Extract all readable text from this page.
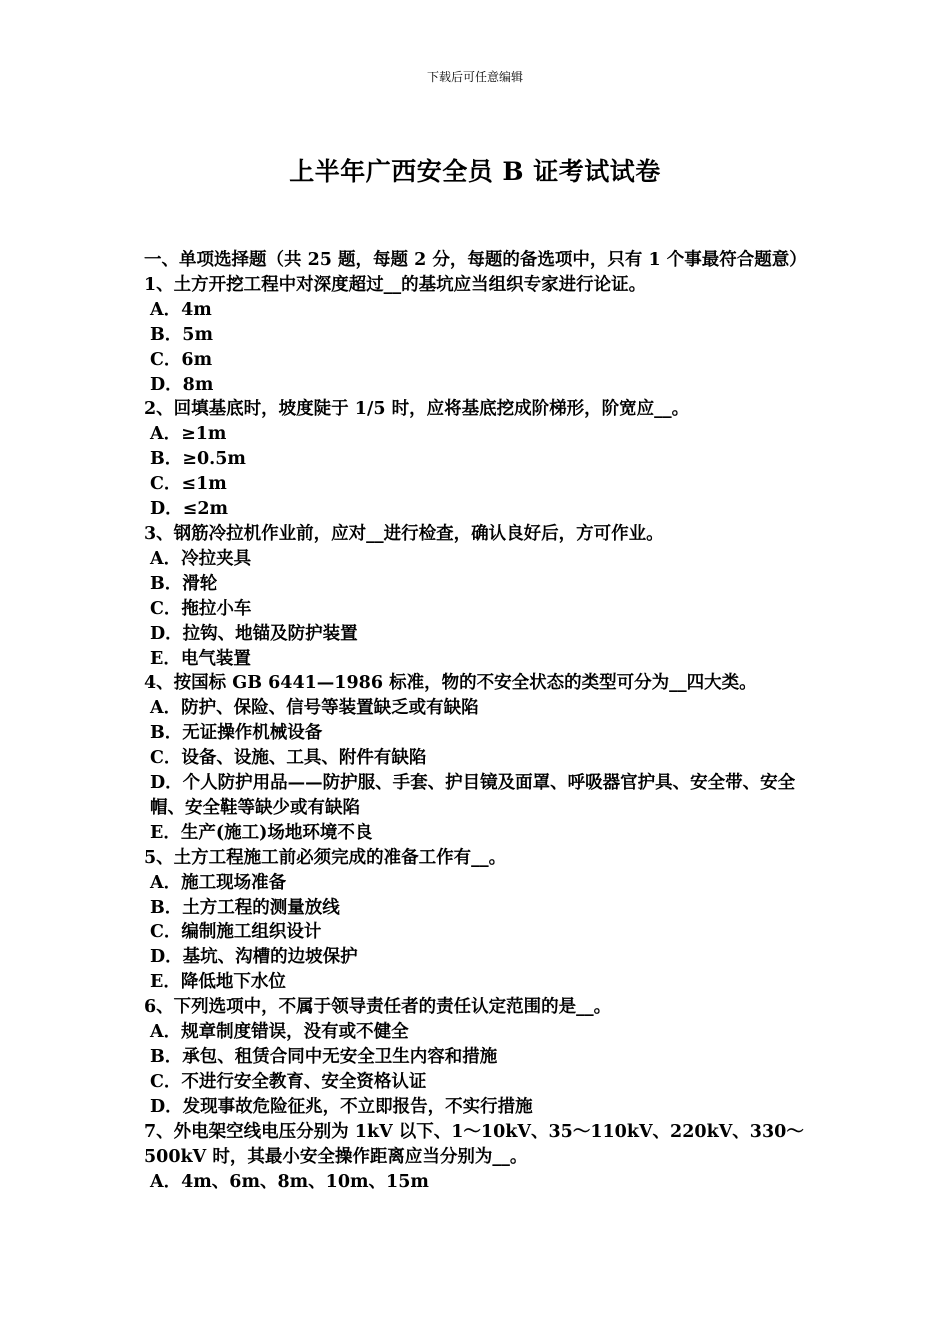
下载后可任意编辑
上半年广西安全员 B 证考试试卷
一、单项选择题（共 25 题，每题 2 分，每题的备选项中，只有 1 个事最符合题意）
1、土方开挖工程中对深度超过__的基坑应当组织专家进行论证。
A．4m
B．5m
C．6m
D．8m
2、回填基底时，坡度陡于 1/5 时，应将基底挖成阶梯形，阶宽应__。
A．≥1m
B．≥0.5m
C．≤1m
D．≤2m
3、钢筋冷拉机作业前，应对__进行检查，确认良好后，方可作业。
A．冷拉夹具
B．滑轮
C．拖拉小车
D．拉钩、地锚及防护装置
E．电气装置
4、按国标 GB 6441—1986 标准，物的不安全状态的类型可分为__四大类。
A．防护、保险、信号等装置缺乏或有缺陷
B．无证操作机械设备
C．设备、设施、工具、附件有缺陷
D．个人防护用品——防护服、手套、护目镜及面罩、呼吸器官护具、安全带、安全帽、安全鞋等缺少或有缺陷
E．生产(施工)场地环境不良
5、土方工程施工前必须完成的准备工作有__。
A．施工现场准备
B．土方工程的测量放线
C．编制施工组织设计
D．基坑、沟槽的边坡保护
E．降低地下水位
6、下列选项中，不属于领导责任者的责任认定范围的是__。
A．规章制度错误，没有或不健全
B．承包、租赁合同中无安全卫生内容和措施
C．不进行安全教育、安全资格认证
D．发现事故危险征兆，不立即报告，不实行措施
7、外电架空线电压分别为 1kV 以下、1～10kV、35～110kV、220kV、330～500kV 时，其最小安全操作距离应当分别为__。
A．4m、6m、8m、10m、15m
